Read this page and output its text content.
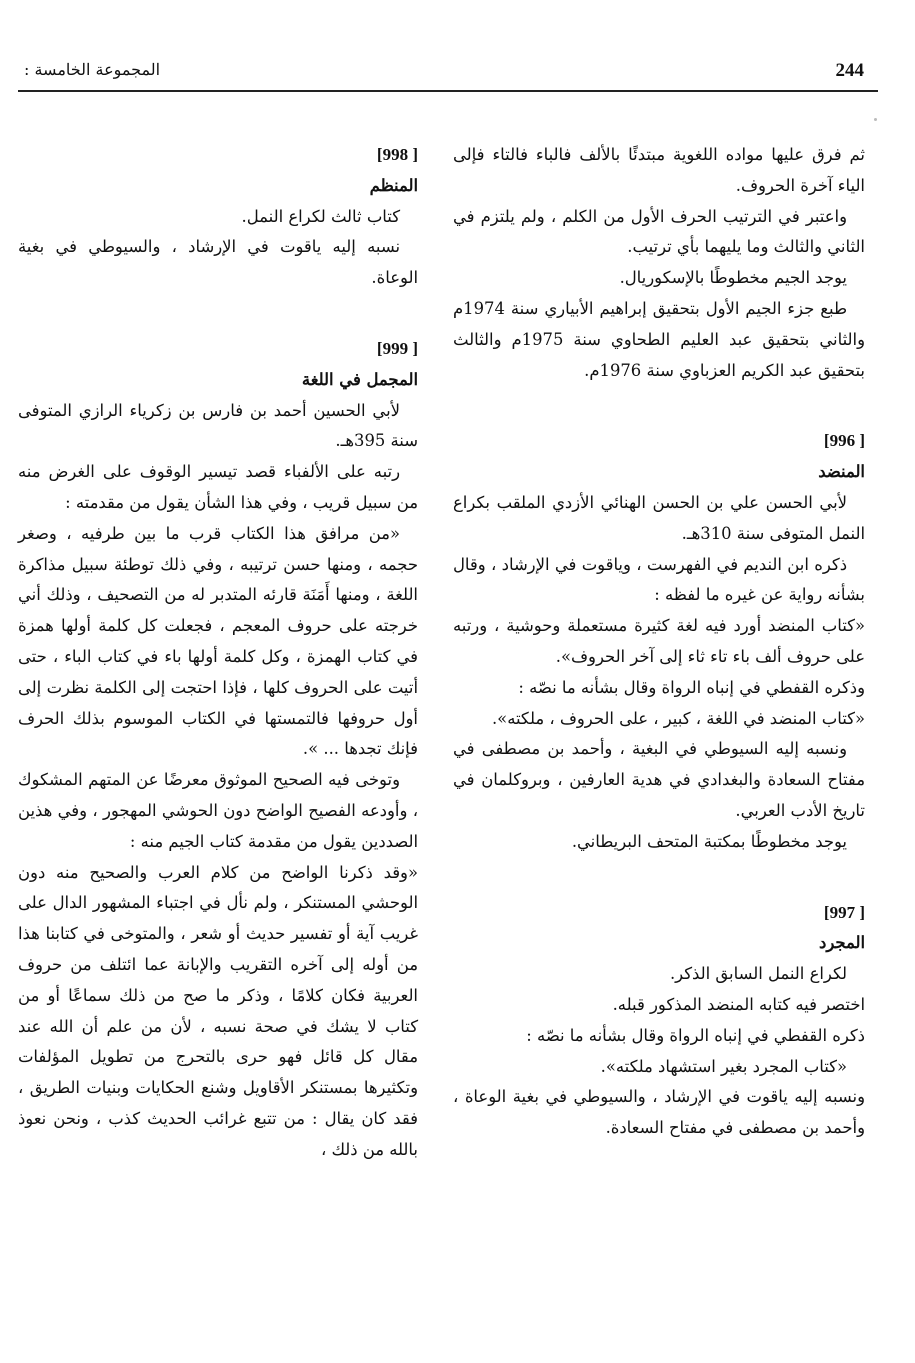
244
المجموعة الخامسة :

ثم فرق عليها مواده اللغوية مبتدئًا بالألف فالباء فالتاء فإلى الياء آخرة الحروف.

واعتبر في الترتيب الحرف الأول من الكلم ، ولم يلتزم في الثاني والثالث وما يليهما بأي ترتيب.

يوجد الجيم مخطوطًا بالإسكوريال.

طبع جزء الجيم الأول بتحقيق إبراهيم الأبياري سنة 1974م والثاني بتحقيق عبد العليم الطحاوي سنة 1975م والثالث بتحقيق عبد الكريم العزباوي سنة 1976م.

[996 ]
المنضد

لأبي الحسن علي بن الحسن الهنائي الأزدي الملقب بكراع النمل المتوفى سنة 310هـ.

ذكره ابن النديم في الفهرست ، وياقوت في الإرشاد ، وقال بشأنه رواية عن غيره ما لفظه :

«كتاب المنضد أورد فيه لغة كثيرة مستعملة وحوشية ، ورتبه على حروف ألف باء تاء ثاء إلى آخر الحروف».

وذكره القفطي في إنباه الرواة وقال بشأنه ما نصّه :

«كتاب المنضد في اللغة ، كبير ، على الحروف ، ملكته».

ونسبه إليه السيوطي في البغية ، وأحمد بن مصطفى في مفتاح السعادة والبغدادي في هدية العارفين ، وبروكلمان في تاريخ الأدب العربي.

يوجد مخطوطًا بمكتبة المتحف البريطاني.

[997 ]
المجرد

لكراع النمل السابق الذكر.

اختصر فيه كتابه المنضد المذكور قبله.

ذكره القفطي في إنباه الرواة وقال بشأنه ما نصّه :

«كتاب المجرد بغير استشهاد ملكته».

ونسبه إليه ياقوت في الإرشاد ، والسيوطي في بغية الوعاة ، وأحمد بن مصطفى في مفتاح السعادة.

[998 ]
المنظم

كتاب ثالث لكراع النمل.

نسبه إليه ياقوت في الإرشاد ، والسيوطي في بغية الوعاة.

[999 ]
المجمل في اللغة

لأبي الحسين أحمد بن فارس بن زكرياء الرازي المتوفى سنة 395هـ.

رتبه على الألفباء قصد تيسير الوقوف على الغرض منه من سبيل قريب ، وفي هذا الشأن يقول من مقدمته :

«من مرافق هذا الكتاب قرب ما بين طرفيه ، وصغر حجمه ، ومنها حسن ترتيبه ، وفي ذلك توطئة سبيل مذاكرة اللغة ، ومنها أَمَنَة قارئه المتدبر له من التصحيف ، وذلك أني خرجته على حروف المعجم ، فجعلت كل كلمة أولها همزة في كتاب الهمزة ، وكل كلمة أولها باء في كتاب الباء ، حتى أتيت على الحروف كلها ، فإذا احتجت إلى الكلمة نظرت إلى أول حروفها فالتمستها في الكتاب الموسوم بذلك الحرف فإنك تجدها ... ».

وتوخى فيه الصحيح الموثوق معرضًا عن المتهم المشكوك ، وأودعه الفصيح الواضح دون الحوشي المهجور ، وفي هذين الصددين يقول من مقدمة كتاب الجيم منه :

«وقد ذكرنا الواضح من كلام العرب والصحيح منه دون الوحشي المستنكر ، ولم نأل في اجتباء المشهور الدال على غريب آية أو تفسير حديث أو شعر ، والمتوخى في كتابنا هذا من أوله إلى آخره التقريب والإبانة عما ائتلف من حروف العربية فكان كلامًا ، وذكر ما صح من ذلك سماعًا أو من كتاب لا يشك في صحة نسبه ، لأن من علم أن الله عند مقال كل قائل فهو حرى بالتحرج من تطويل المؤلفات وتكثيرها بمستنكر الأقاويل وشنع الحكايات وبنيات الطريق ، فقد كان يقال : من تتبع غرائب الحديث كذب ، ونحن نعوذ بالله من ذلك ،
